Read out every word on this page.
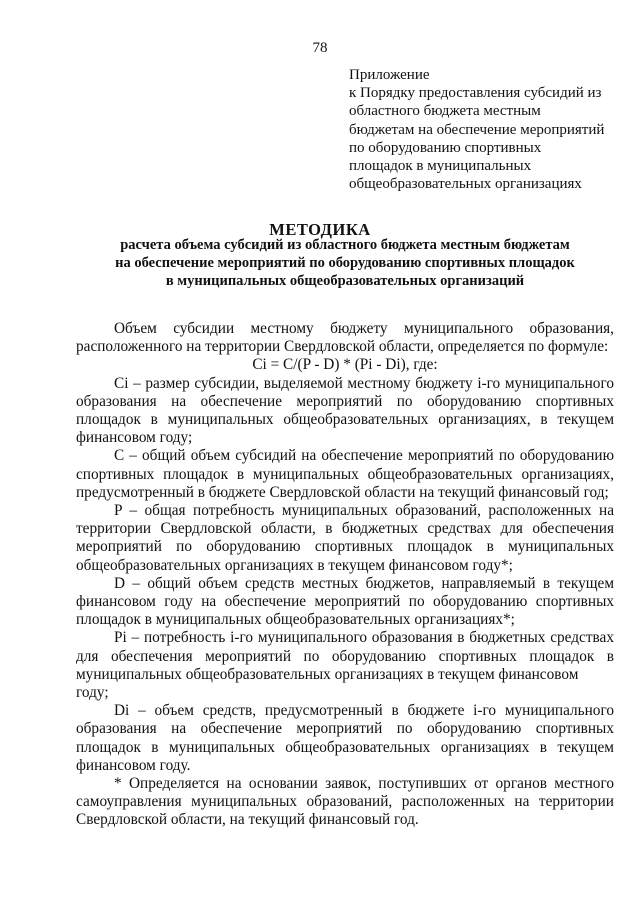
78
Приложение
к Порядку предоставления субсидий из
областного бюджета местным
бюджетам на обеспечение мероприятий
по оборудованию спортивных
площадок в муниципальных
общеобразовательных организациях
МЕТОДИКА
расчета объема субсидий из областного бюджета местным бюджетам
на обеспечение мероприятий по оборудованию спортивных площадок
в муниципальных общеобразовательных организаций
Объем субсидии местному бюджету муниципального образования,
расположенного на территории Свердловской области, определяется по формуле:
Ci = C/(P - D) * (Pi - Di), где:
Ci – размер субсидии, выделяемой местному бюджету i-го муниципального
образования на обеспечение мероприятий по оборудованию спортивных
площадок в муниципальных общеобразовательных организациях, в текущем
финансовом году;
C – общий объем субсидий на обеспечение мероприятий по оборудованию
спортивных площадок в муниципальных общеобразовательных организациях,
предусмотренный в бюджете Свердловской области на текущий финансовый год;
P – общая потребность муниципальных образований, расположенных на
территории Свердловской области, в бюджетных средствах для обеспечения
мероприятий по оборудованию спортивных площадок в муниципальных
общеобразовательных организациях в текущем финансовом году*;
D – общий объем средств местных бюджетов, направляемый в текущем
финансовом году на обеспечение мероприятий по оборудованию спортивных
площадок в муниципальных общеобразовательных организациях*;
Pi – потребность i-го муниципального образования в бюджетных средствах
для обеспечения мероприятий по оборудованию спортивных площадок в
муниципальных общеобразовательных организациях в текущем финансовом году;
Di – объем средств, предусмотренный в бюджете i-го муниципального
образования на обеспечение мероприятий по оборудованию спортивных
площадок в муниципальных общеобразовательных организациях в текущем
финансовом году.
* Определяется на основании заявок, поступивших от органов местного
самоуправления муниципальных образований, расположенных на территории
Свердловской области, на текущий финансовый год.
